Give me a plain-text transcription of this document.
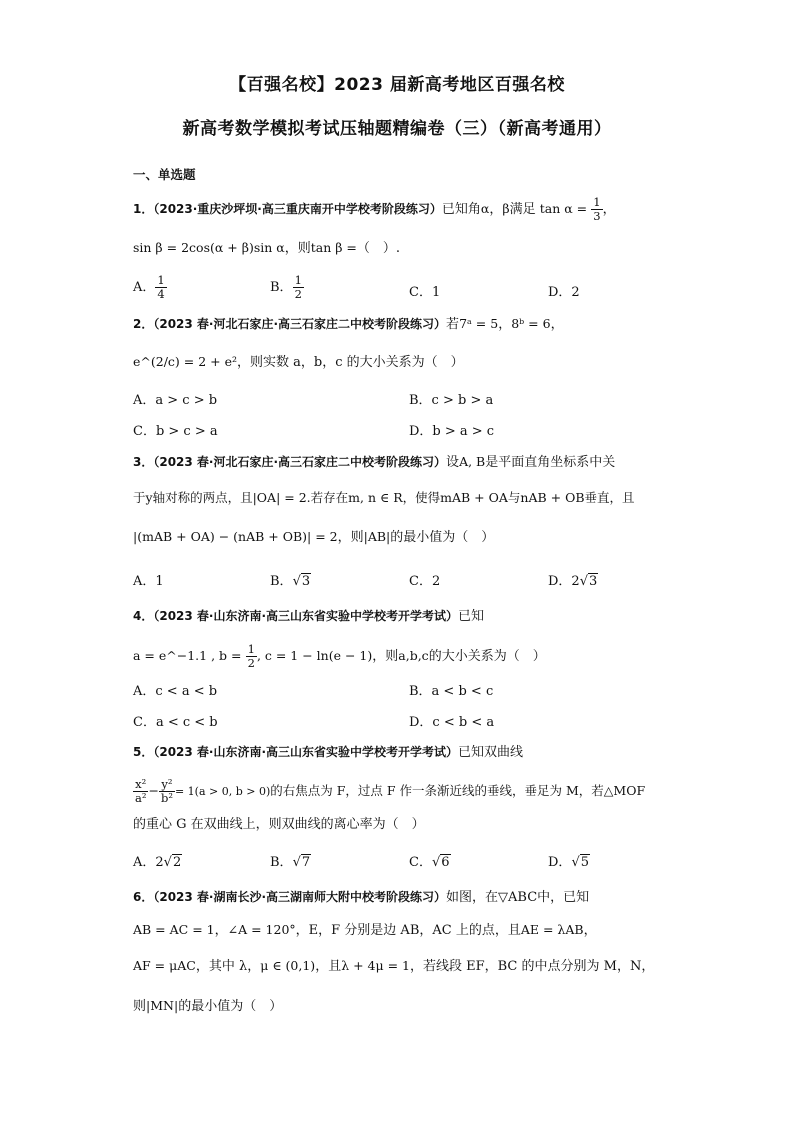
【百强名校】2023 届新高考地区百强名校
新高考数学模拟考试压轴题精编卷（三）（新高考通用）
一、单选题
1．（2023·重庆沙坪坝·高三重庆南开中学校考阶段练习）已知角α，β满足 $\tan \alpha = \frac{1}{3}$ ，
sin β = 2cos(α + β)sin α，则tan β =（　）.
A． $\frac{1}{4}$	B． $\frac{1}{2}$	C．1	D．2
2．（2023 春·河北石家庄·高三石家庄二中校考阶段练习）若7ᵃ = 5，8ᵇ = 6，
e^(2/c) = 2 + e²，则实数 a，b，c 的大小关系为（　）
A．a > c > b	B．c > b > a
C．b > c > a	D．b > a > c
3．（2023 春·河北石家庄·高三石家庄二中校考阶段练习）设A, B是平面直角坐标系中关
于y轴对称的两点，且|OA| = 2.若存在m, n ∈ R，使得mAB + OA与nAB + OB垂直，且
|(mAB + OA) − (nAB + OB)| = 2，则|AB|的最小值为（　）
A．1	B．√3	C．2	D．2√3
4．（2023 春·山东济南·高三山东省实验中学校考开学考试）已知
a = e^−1.1 , $b = \frac{1}{2}$ , c = 1 − ln(e − 1)，则a,b,c的大小关系为（　）
A．c < a < b	B．a < b < c
C．a < c < b	D．c < b < a
5．（2023 春·山东济南·高三山东省实验中学校考开学考试）已知双曲线
$\frac{\text{x²}}{\text{a²}} - \frac{\text{y²}}{\text{b²}} = 1(a > 0$, b > 0)的右焦点为 F，过点 F 作一条渐近线的垂线，垂足为 M，若△MOF
的重心 G 在双曲线上，则双曲线的离心率为（　）
A．2√2	B．√7	C．√6	D．√5
6．（2023 春·湖南长沙·高三湖南师大附中校考阶段练习）如图，在▽ABC中，已知
AB = AC = 1，∠A = 120°，E，F 分别是边 AB，AC 上的点，且AE = λAB，
AF = μAC，其中 λ，μ ∈ (0,1)，且λ + 4μ = 1，若线段 EF，BC 的中点分别为 M，N，
则|MN|的最小值为（　）
